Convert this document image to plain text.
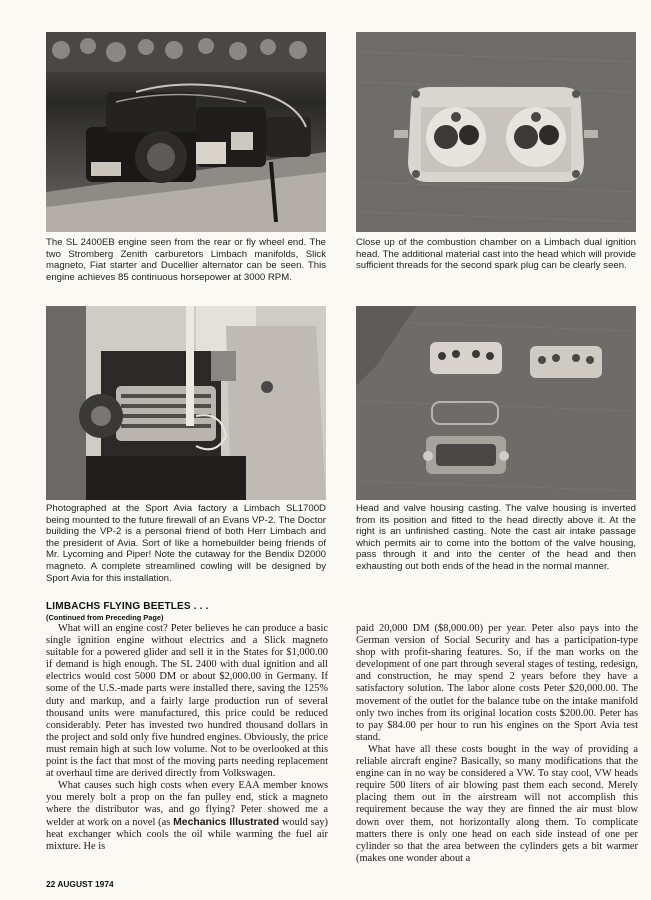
The SL 2400EB engine seen from the rear or fly wheel end. The two Stromberg Zenith carburetors Limbach manifolds, Slick magneto, Fiat starter and Ducellier alternator can be seen. This engine achieves 85 continuous horsepower at 3000 RPM.

Close up of the combustion chamber on a Limbach dual ignition head. The additional material cast into the head which will provide sufficient threads for the second spark plug can be clearly seen.

Photographed at the Sport Avia factory a Limbach SL1700D being mounted to the future firewall of an Evans VP-2. The Doctor building the VP-2 is a personal friend of both Herr Limbach and the president of Avia. Sort of like a homebuilder being friends of Mr. Lycoming and Piper! Note the cutaway for the Bendix D2000 magneto. A complete streamlined cowling will be designed by Sport Avia for this installation.

Head and valve housing casting. The valve housing is inverted from its position and fitted to the head directly above it. At the right is an unfinished casting. Note the cast air intake passage which permits air to come into the bottom of the valve housing, pass through it and into the center of the head and then exhausting out both ends of the head in the normal manner.

LIMBACHS FLYING BEETLES . . .

(Continued from Preceding Page)

What will an engine cost? Peter believes he can produce a basic single ignition engine without electrics and a Slick magneto suitable for a powered glider and sell it in the States for $1,000.00 if demand is high enough. The SL 2400 with dual ignition and all electrics would cost 5000 DM or about $2,000.00 in Germany. If some of the U.S.-made parts were installed there, saving the 125% duty and markup, and a fairly large production run of several thousand units were manufactured, this price could be reduced considerably. Peter has invested two hundred thousand dollars in the project and sold only five hundred engines. Obviously, the price must remain high at such low volume. Not to be overlooked at this point is the fact that most of the moving parts needing replacement at overhaul time are derived directly from Volkswagen.

What causes such high costs when every EAA member knows you merely bolt a prop on the fan pulley end, stick a magneto where the distributor was, and go flying? Peter showed me a welder at work on a novel (as Mechanics Illustrated would say) heat exchanger which cools the oil while warming the fuel air mixture. He is

paid 20,000 DM ($8,000.00) per year. Peter also pays into the German version of Social Security and has a participation-type shop with profit-sharing features. So, if the man works on the development of one part through several stages of testing, redesign, and construction, he may spend 2 years before they have a satisfactory solution. The labor alone costs Peter $20,000.00. The movement of the outlet for the balance tube on the intake manifold only two inches from its original location costs $200.00. Peter has to pay $84.00 per hour to run his engines on the Sport Avia test stand.

What have all these costs bought in the way of providing a reliable aircraft engine? Basically, so many modifications that the engine can in no way be considered a VW. To stay cool, VW heads require 500 liters of air blowing past them each second. Merely placing them out in the airstream will not accomplish this requirement because the way they are finned the air must blow down over them, not horizontally along them. To complicate matters there is only one head on each side instead of one per cylinder so that the area between the cylinders gets a bit warmer (makes one wonder about a

22 AUGUST 1974
